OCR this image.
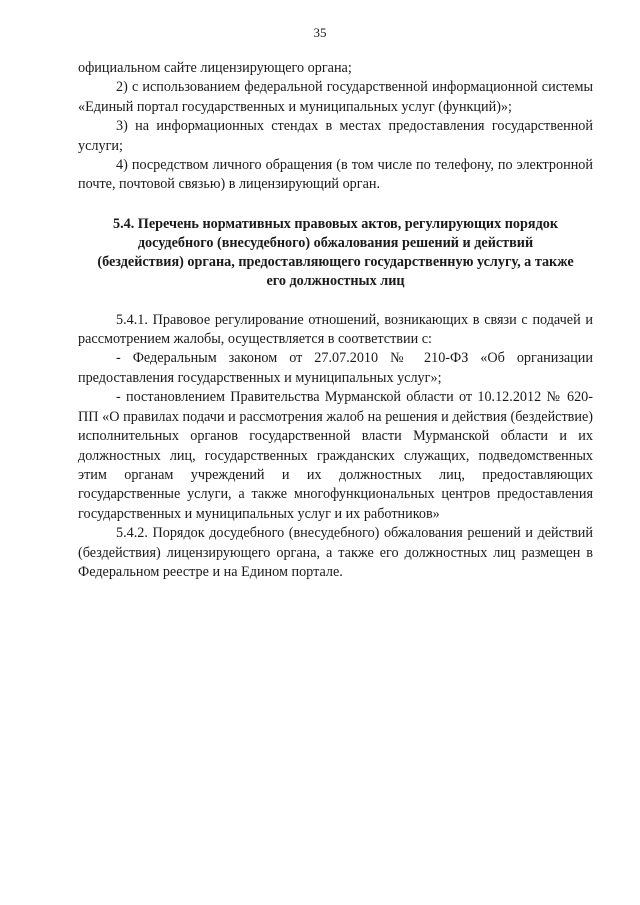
35

официальном сайте лицензирующего органа;

2) с использованием федеральной государственной информационной системы «Единый портал государственных и муниципальных услуг (функций)»;

3) на информационных стендах в местах предоставления государственной услуги;

4) посредством личного обращения (в том числе по телефону, по электронной почте, почтовой связью) в лицензирующий орган.

5.4. Перечень нормативных правовых актов, регулирующих порядок
досудебного (внесудебного) обжалования решений и действий
(бездействия) органа, предоставляющего государственную услугу, а также
его должностных лиц

5.4.1. Правовое регулирование отношений, возникающих в связи с подачей и рассмотрением жалобы, осуществляется в соответствии с:

- Федеральным законом от 27.07.2010 № 210-ФЗ «Об организации предоставления государственных и муниципальных услуг»;

- постановлением Правительства Мурманской области от 10.12.2012 № 620-ПП «О правилах подачи и рассмотрения жалоб на решения и действия (бездействие) исполнительных органов государственной власти Мурманской области и их должностных лиц, государственных гражданских служащих, подведомственных этим органам учреждений и их должностных лиц, предоставляющих государственные услуги, а также многофункциональных центров предоставления государственных и муниципальных услуг и их работников»

5.4.2. Порядок досудебного (внесудебного) обжалования решений и действий (бездействия) лицензирующего органа, а также его должностных лиц размещен в Федеральном реестре и на Едином портале.
